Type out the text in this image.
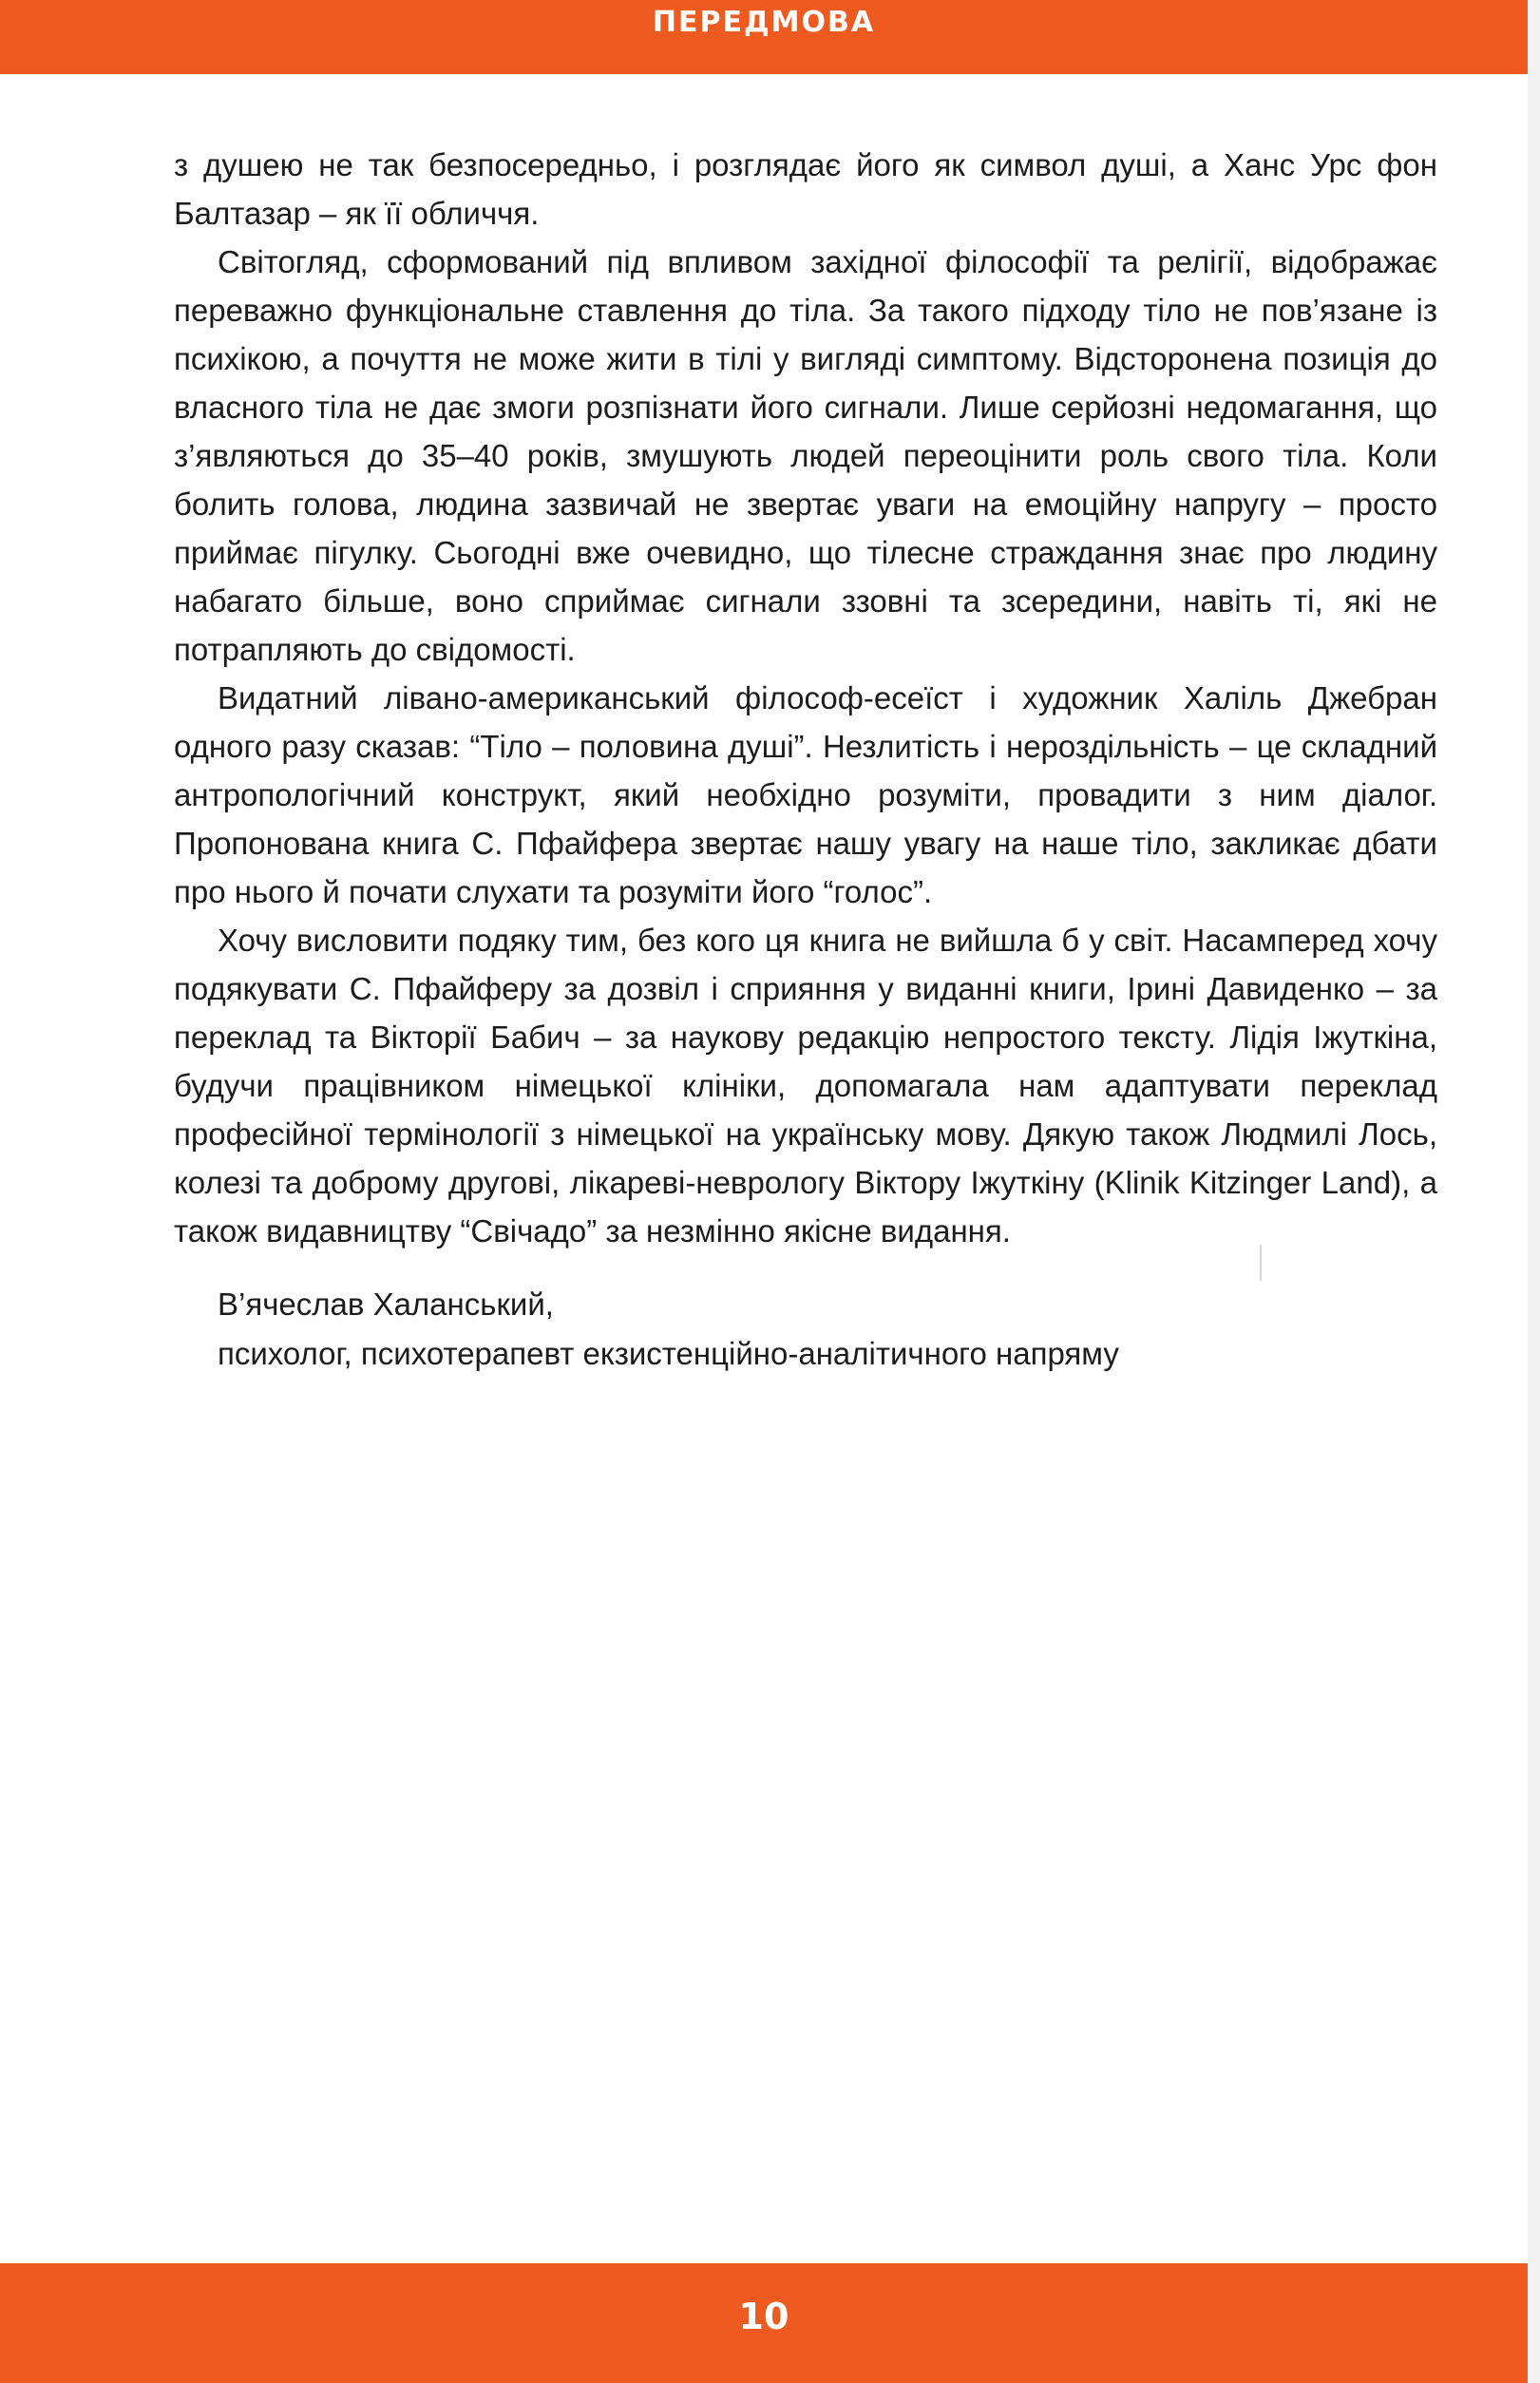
ПЕРЕДМОВА

з душею не так безпосередньо, і розглядає його як символ душі, а Ханс Урс фон Балтазар – як її обличчя.

Світогляд, сформований під впливом західної філософії та релігії, відображає переважно функціональне ставлення до тіла. За такого підходу тіло не пов’язане із психікою, а почуття не може жити в тілі у вигляді симптому. Відсторонена позиція до власного тіла не дає змоги розпізнати його сигнали. Лише серйозні недомагання, що з’являються до 35–40 років, змушують людей переоцінити роль свого тіла. Коли болить голова, людина зазвичай не звертає уваги на емоційну напругу – просто приймає пігулку. Сьогодні вже очевидно, що тілесне страждання знає про людину набагато більше, воно сприймає сигнали ззовні та зсередини, навіть ті, які не потрапляють до свідомості.

Видатний лівано-американський філософ-есеїст і художник Халіль Джебран одного разу сказав: “Тіло – половина душі”. Незлитість і нероздільність – це складний антропологічний конструкт, який необхідно розуміти, провадити з ним діалог. Пропонована книга С. Пфайфера звертає нашу увагу на наше тіло, закликає дбати про нього й почати слухати та розуміти його “голос”.

Хочу висловити подяку тим, без кого ця книга не вийшла б у світ. Насамперед хочу подякувати С. Пфайферу за дозвіл і сприяння у виданні книги, Ірині Давиденко – за переклад та Вікторії Бабич – за наукову редакцію непростого тексту. Лідія Іжуткіна, будучи працівником німецької клініки, допомагала нам адаптувати переклад професійної термінології з німецької на українську мову. Дякую також Людмилі Лось, колезі та доброму другові, лікареві-неврологу Віктору Іжуткіну (Klinik Kitzinger Land), а також видавництву “Свічадо” за незмінно якісне видання.

В’ячеслав Халанський,
психолог, психотерапевт екзистенційно-аналітичного напряму
10
